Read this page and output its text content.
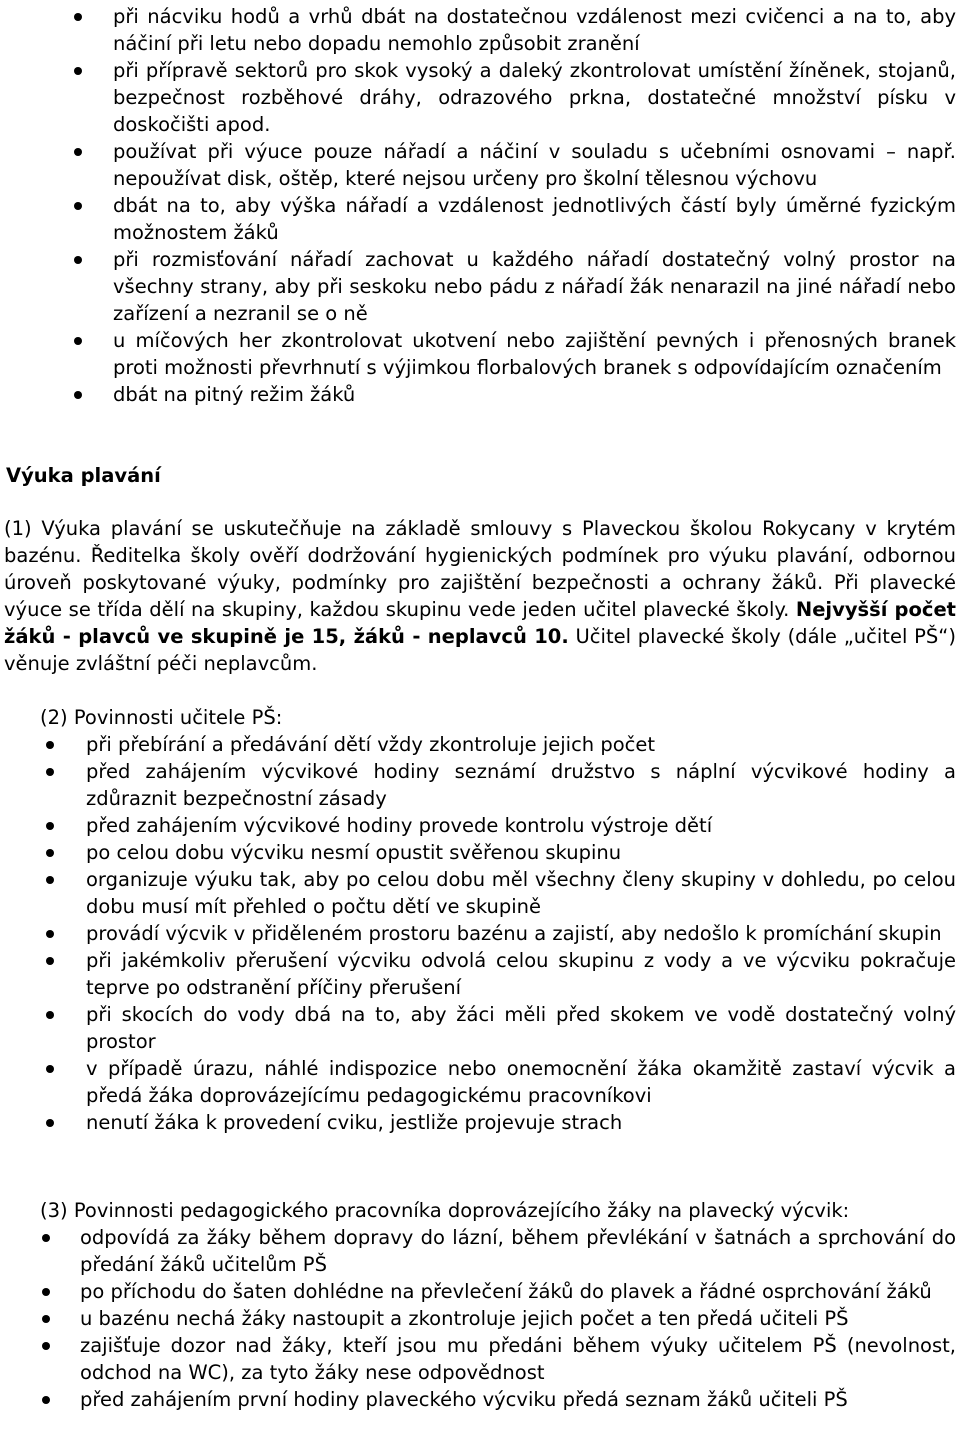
při nácviku hodů a vrhů dbát na dostatečnou vzdálenost mezi cvičenci a na to, aby náčiní při letu nebo dopadu nemohlo způsobit zranění
při přípravě sektorů pro skok vysoký a daleký zkontrolovat umístění žíněnek, stojanů, bezpečnost rozběhové dráhy, odrazového prkna, dostatečné množství písku v doskočišti apod.
používat při výuce pouze nářadí a náčiní v souladu s učebními osnovami – např. nepoužívat disk, oštěp, které nejsou určeny pro školní tělesnou výchovu
dbát na to, aby výška nářadí a vzdálenost jednotlivých částí byly úměrné fyzickým možnostem žáků
při rozmisťování nářadí zachovat u každého nářadí dostatečný volný prostor na všechny strany, aby při seskoku nebo pádu z nářadí žák nenarazil na jiné nářadí nebo zařízení a nezranil se o ně
u míčových her zkontrolovat ukotvení nebo zajištění pevných i přenosných branek proti možnosti převrhnutí s výjimkou florbalových branek s odpovídajícím označením
dbát na pitný režim žáků

Výuka plavání

(1) Výuka plavání se uskutečňuje na základě smlouvy s Plaveckou školou Rokycany v krytém bazénu. Ředitelka školy ověří dodržování hygienických podmínek pro výuku plavání, odbornou úroveň poskytované výuky, podmínky pro zajištění bezpečnosti a ochrany žáků. Při plavecké výuce se třída dělí na skupiny, každou skupinu vede jeden učitel plavecké školy. Nejvyšší počet žáků - plavců ve skupině je 15, žáků - neplavců 10. Učitel plavecké školy (dále „učitel PŠ“) věnuje zvláštní péči neplavcům.

(2) Povinnosti učitele PŠ:

při přebírání a předávání dětí vždy zkontroluje jejich počet
před zahájením výcvikové hodiny seznámí družstvo s náplní výcvikové hodiny a zdůraznit bezpečnostní zásady
před zahájením výcvikové hodiny provede kontrolu výstroje dětí
po celou dobu výcviku nesmí opustit svěřenou skupinu
organizuje výuku tak, aby po celou dobu měl všechny členy skupiny v dohledu, po celou dobu musí mít přehled o počtu dětí ve skupině
provádí výcvik v přiděleném prostoru bazénu a zajistí, aby nedošlo k promíchání skupin
při jakémkoliv přerušení výcviku odvolá celou skupinu z vody a ve výcviku pokračuje teprve po odstranění příčiny přerušení
při skocích do vody dbá na to, aby žáci měli před skokem ve vodě dostatečný volný prostor
v případě úrazu, náhlé indispozice nebo onemocnění žáka okamžitě zastaví výcvik a předá žáka doprovázejícímu pedagogickému pracovníkovi
nenutí žáka k provedení cviku, jestliže projevuje strach

(3) Povinnosti pedagogického pracovníka doprovázejícího žáky na plavecký výcvik:

odpovídá za žáky během dopravy do lázní, během převlékání v šatnách a sprchování do předání žáků učitelům PŠ
po příchodu do šaten dohlédne na převlečení žáků do plavek a řádné osprchování žáků
u bazénu nechá žáky nastoupit a zkontroluje jejich počet a ten předá učiteli PŠ
zajišťuje dozor nad žáky, kteří jsou mu předáni během výuky učitelem PŠ (nevolnost, odchod na WC), za tyto žáky nese odpovědnost
před zahájením první hodiny plaveckého výcviku předá seznam žáků učiteli PŠ
